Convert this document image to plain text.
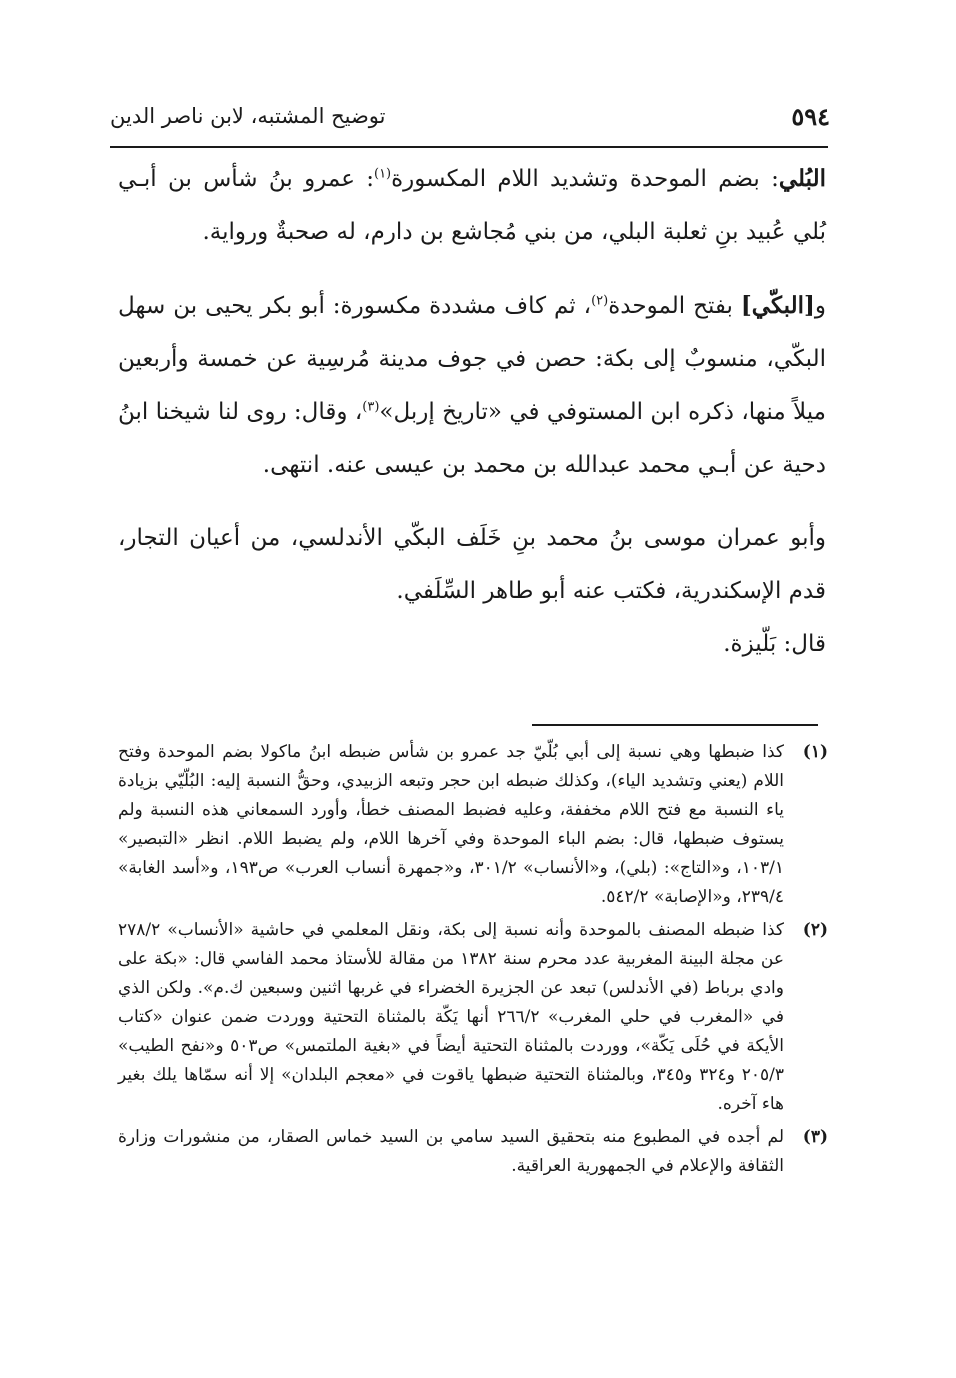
٥٩٤
توضيح المشتبه، لابن ناصر الدين

البُلي: بضم الموحدة وتشديد اللام المكسورة$^{(١)}$: عمرو بنُ شأس بن أبـي بُلي عُبيد بنِ ثعلبة البلي، من بني مُجاشع بن دارم، له صحبةٌ ورواية.

و[البكّي] بفتح الموحدة$^{(٢)}$، ثم كاف مشددة مكسورة: أبو بكر يحيى بن سهل البكّي، منسوبٌ إلى بكة: حصن في جوف مدينة مُرسِية عن خمسة وأربعين ميلاً منها، ذكره ابن المستوفي في «تاريخ إربل»$^{(٣)}$، وقال: روى لنا شيخنا ابنُ دحية عن أبـي محمد عبدالله بن محمد بن عيسى عنه. انتهى.

وأبو عمران موسى بنُ محمد بنِ خَلَف البكّي الأندلسي، من أعيان التجار، قدم الإسكندرية، فكتب عنه أبو طاهر السِّلَفي.

قال: بَلّيزة.

(١)
كذا ضبطها وهي نسبة إلى أبي بُلّيّ جد عمرو بن شأس ضبطه ابنُ ماكولا بضم الموحدة وفتح اللام (يعني وتشديد الياء)، وكذلك ضبطه ابن حجر وتبعه الزبيدي، وحقُّ النسبة إليه: البُلّيّي بزيادة ياء النسبة مع فتح اللام مخففة، وعليه فضبط المصنف خطأ، وأورد السمعاني هذه النسبة ولم يستوف ضبطها، قال: بضم الباء الموحدة وفي آخرها اللام، ولم يضبط اللام. انظر «التبصير» ١٠٣/١، و«التاج»: (بلي)، و«الأنساب» ٣٠١/٢، و«جمهرة أنساب العرب» ص١٩٣، و«أسد الغابة» ٢٣٩/٤، و«الإصابة» ٥٤٢/٢.
(٢)
كذا ضبطه المصنف بالموحدة وأنه نسبة إلى بكة، ونقل المعلمي في حاشية «الأنساب» ٢٧٨/٢ عن مجلة البينة المغربية عدد محرم سنة ١٣٨٢ من مقالة للأستاذ محمد الفاسي قال: «بكة على وادي برباط (في الأندلس) تبعد عن الجزيرة الخضراء في غربها اثنين وسبعين ك.م». ولكن الذي في «المغرب في حلي المغرب» ٢٦٦/٢ أنها يَكّة بالمثناة التحتية ووردت ضمن عنوان «كتاب الأيكة في حُلَى يَكّة»، ووردت بالمثناة التحتية أيضاً في «بغية الملتمس» ص٥٠٣ و«نفح الطيب» ٢٠٥/٣ و٣٢٤ و٣٤٥، وبالمثناة التحتية ضبطها ياقوت في «معجم البلدان» إلا أنه سمّاها يلك بغير هاء آخره.
(٣)
لم أجده في المطبوع منه بتحقيق السيد سامي بن السيد خماس الصقار، من منشورات وزارة الثقافة والإعلام في الجمهورية العراقية.
